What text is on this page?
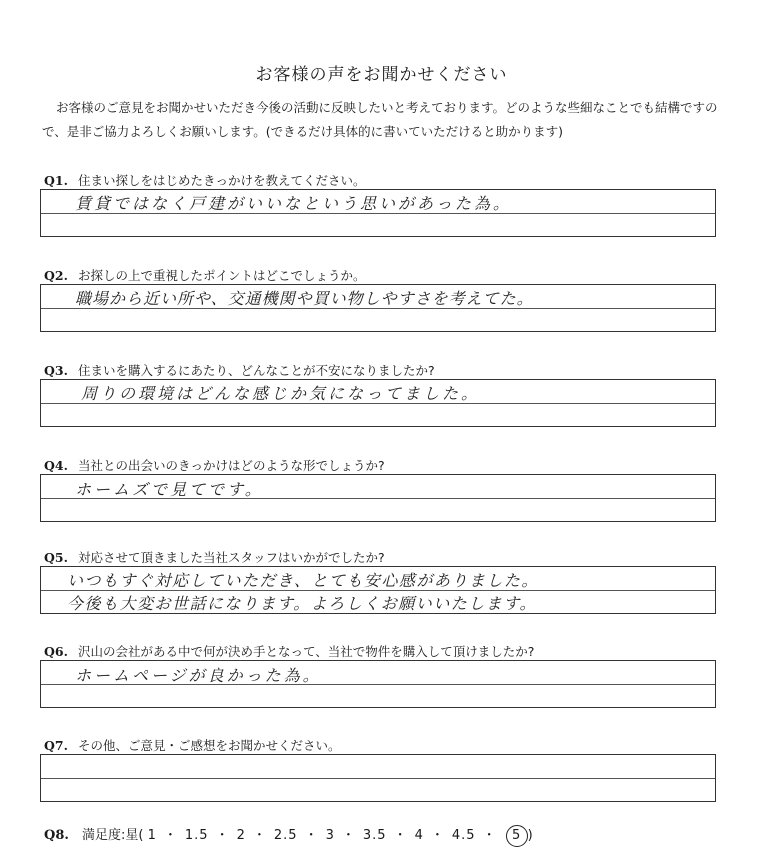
お客様の声をお聞かせください
お客様のご意見をお聞かせいただき今後の活動に反映したいと考えております。どのような些細なことでも結構ですので、是非ご協力よろしくお願いします。(できるだけ具体的に書いていただけると助かります)
Q1. 住まい探しをはじめたきっかけを教えてください。
賃貸ではなく戸建がいいなという思いがあった為。
Q2. お探しの上で重視したポイントはどこでしょうか。
職場から近い所や、交通機関や買い物しやすさを考えてた。
Q3. 住まいを購入するにあたり、どんなことが不安になりましたか?
周りの環境はどんな感じか気になってました。
Q4. 当社との出会いのきっかけはどのような形でしょうか?
ホームズで見てです。
Q5. 対応させて頂きました当社スタッフはいかがでしたか?
いつもすぐ対応していただき、とても安心感がありました。
今後も大変お世話になります。よろしくお願いいたします。
Q6. 沢山の会社がある中で何が決め手となって、当社で物件を購入して頂けましたか?
ホームページが良かった為。
Q7. その他、ご意見・ご感想をお聞かせください。
Q8. 満足度:星( 1 ・ 1.5 ・ 2 ・ 2.5 ・ 3 ・ 3.5 ・ 4 ・ 4.5 ・ 5 )
